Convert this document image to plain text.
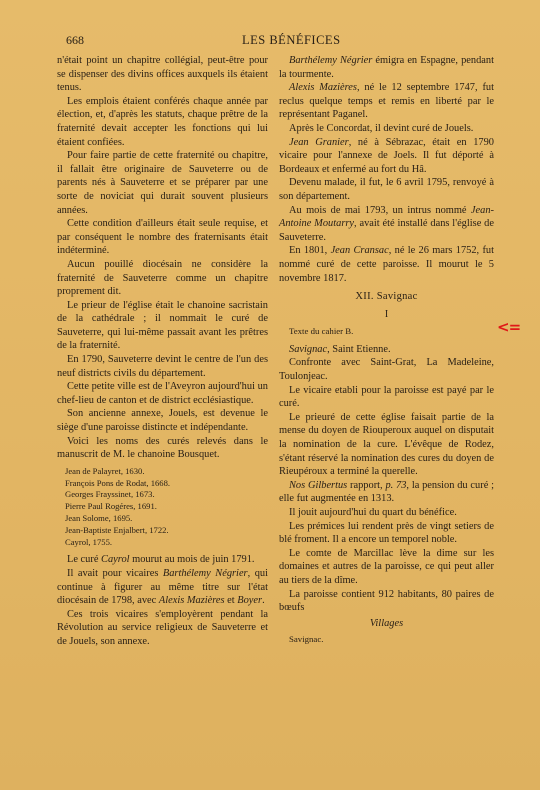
668	LES BÉNÉFICES

n'était point un chapitre collégial, peut-être pour se dispenser des divins offices auxquels ils étaient tenus.

Les emplois étaient conférés chaque année par élection, et, d'après les statuts, chaque prêtre de la fraternité devait accepter les fonctions qui lui étaient confiées.

Pour faire partie de cette fraternité ou chapitre, il fallait être originaire de Sauveterre ou de parents nés à Sauveterre et se préparer par une sorte de noviciat qui durait souvent plusieurs années.

Cette condition d'ailleurs était seule requise, et par conséquent le nombre des fraternisants était indéterminé.

Aucun pouillé diocésain ne considère la fraternité de Sauveterre comme un chapitre proprement dit.

Le prieur de l'église était le chanoine sacristain de la cathédrale ; il nommait le curé de Sauveterre, qui lui-même passait avant les prêtres de la fraternité.

En 1790, Sauveterre devint le centre de l'un des neuf districts civils du département.

Cette petite ville est de l'Aveyron aujourd'hui un chef-lieu de canton et de district ecclésiastique.

Son ancienne annexe, Jouels, est devenue le siège d'une paroisse distincte et indépendante.

Voici les noms des curés relevés dans le manuscrit de M. le chanoine Bousquet.

Jean de Palayret, 1630.
François Pons de Rodat, 1668.
Georges Frayssinet, 1673.
Pierre Paul Rogéres, 1691.
Jean Solome, 1695.
Jean-Baptiste Enjalbert, 1722.
Cayrol, 1755.

Le curé Cayrol mourut au mois de juin 1791.

Il avait pour vicaires Barthélemy Négrier, qui continue à figurer au même titre sur l'état diocésain de 1798, avec Alexis Mazières et Boyer.

Ces trois vicaires s'employèrent pendant la Révolution au service religieux de Sauveterre et de Jouels, son annexe.

Barthélemy Négrier émigra en Espagne, pendant la tourmente.

Alexis Mazières, né le 12 septembre 1747, fut reclus quelque temps et remis en liberté par le représentant Paganel.

Après le Concordat, il devint curé de Jouels.

Jean Granier, né à Sébrazac, était en 1790 vicaire pour l'annexe de Joels. Il fut déporté à Bordeaux et enfermé au fort du Hâ.

Devenu malade, il fut, le 6 avril 1795, renvoyé à son département.

Au mois de mai 1793, un intrus nommé Jean-Antoine Moutarry, avait été installé dans l'église de Sauveterre.

En 1801, Jean Cransac, né le 26 mars 1752, fut nommé curé de cette paroisse. Il mourut le 5 novembre 1817.

XII. Savignac
I
Texte du cahier B.

Savignac, Saint Etienne.

Confronte avec Saint-Grat, La Madeleine, Toulonjeac.

Le vicaire etabli pour la paroisse est payé par le curé.

Le prieuré de cette église faisait partie de la mense du doyen de Riouperoux auquel on disputait la nomination de la cure. L'évêque de Rodez, s'étant réservé la nomination des cures du doyen de Rieupéroux a terminé la querelle.

Nos Gilbertus rapport, p. 73, la pension du curé ; elle fut augmentée en 1313.

Il jouit aujourd'hui du quart du bénéfice.

Les prémices lui rendent près de vingt setiers de blé froment. Il a encore un temporel noble.

Le comte de Marcillac lève la dime sur les domaines et autres de la paroisse, ce qui peut aller au tiers de la dîme.

La paroisse contient 912 habitants, 80 paires de bœufs

Villages
Savignac.
<=
